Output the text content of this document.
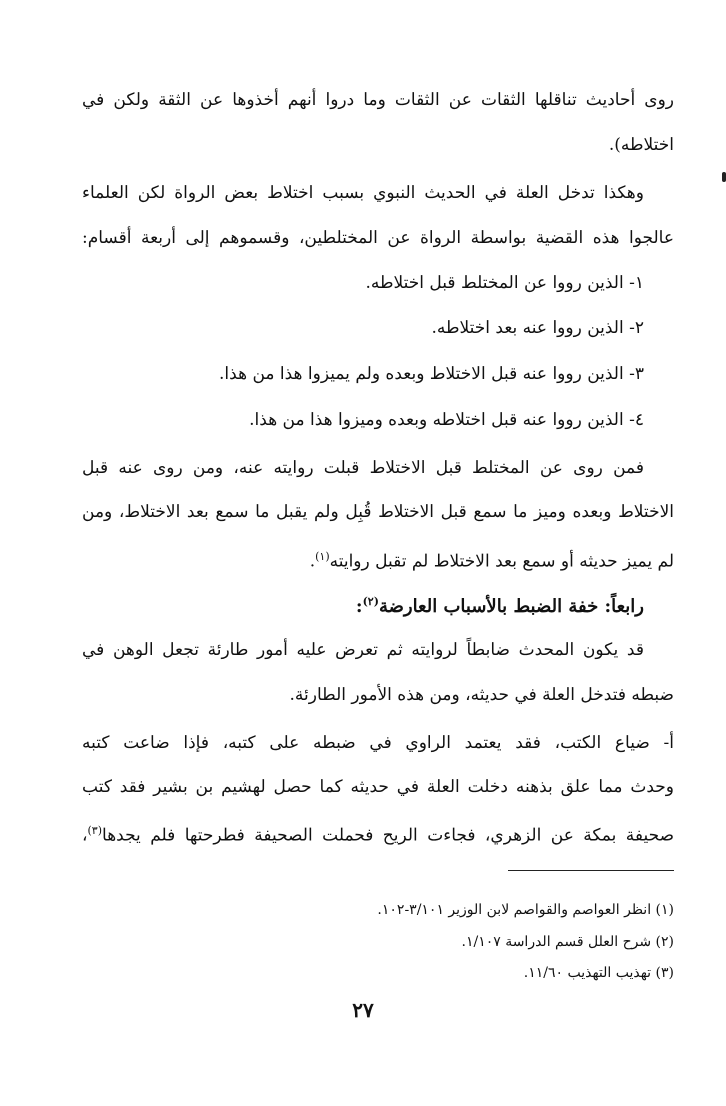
روى أحاديث تناقلها الثقات عن الثقات وما دروا أنهم أخذوها عن الثقة ولكن في
اختلاطه).
وهكذا تدخل العلة في الحديث النبوي بسبب اختلاط بعض الرواة لكن العلماء
عالجوا هذه القضية بواسطة الرواة عن المختلطين، وقسموهم إلى أربعة أقسام:
١- الذين رووا عن المختلط قبل اختلاطه.
٢- الذين رووا عنه بعد اختلاطه.
٣- الذين رووا عنه قبل الاختلاط وبعده ولم يميزوا هذا من هذا.
٤- الذين رووا عنه قبل اختلاطه وبعده وميزوا هذا من هذا.
فمن روى عن المختلط قبل الاختلاط قبلت روايته عنه، ومن روى عنه قبل
الاختلاط وبعده وميز ما سمع قبل الاختلاط قُبِل ولم يقبل ما سمع بعد الاختلاط، ومن
لم يميز حديثه أو سمع بعد الاختلاط لم تقبل روايته$^{(١)}$.
رابعاً: خفة الضبط بالأسباب العارضة$^{(٢)}$:
قد يكون المحدث ضابطاً لروايته ثم تعرض عليه أمور طارئة تجعل الوهن في
ضبطه فتدخل العلة في حديثه، ومن هذه الأمور الطارئة.
أ- ضياع الكتب، فقد يعتمد الراوي في ضبطه على كتبه، فإذا ضاعت كتبه
وحدث مما علق بذهنه دخلت العلة في حديثه كما حصل لهشيم بن بشير فقد كتب
صحيفة بمكة عن الزهري، فجاءت الريح فحملت الصحيفة فطرحتها فلم يجدها$^{(٣)}$،
(١) انظر العواصم والقواصم لابن الوزير ٣/١٠١-١٠٢.
(٢) شرح العلل قسم الدراسة ١/١٠٧.
(٣) تهذيب التهذيب ١١/٦٠.
٢٧
